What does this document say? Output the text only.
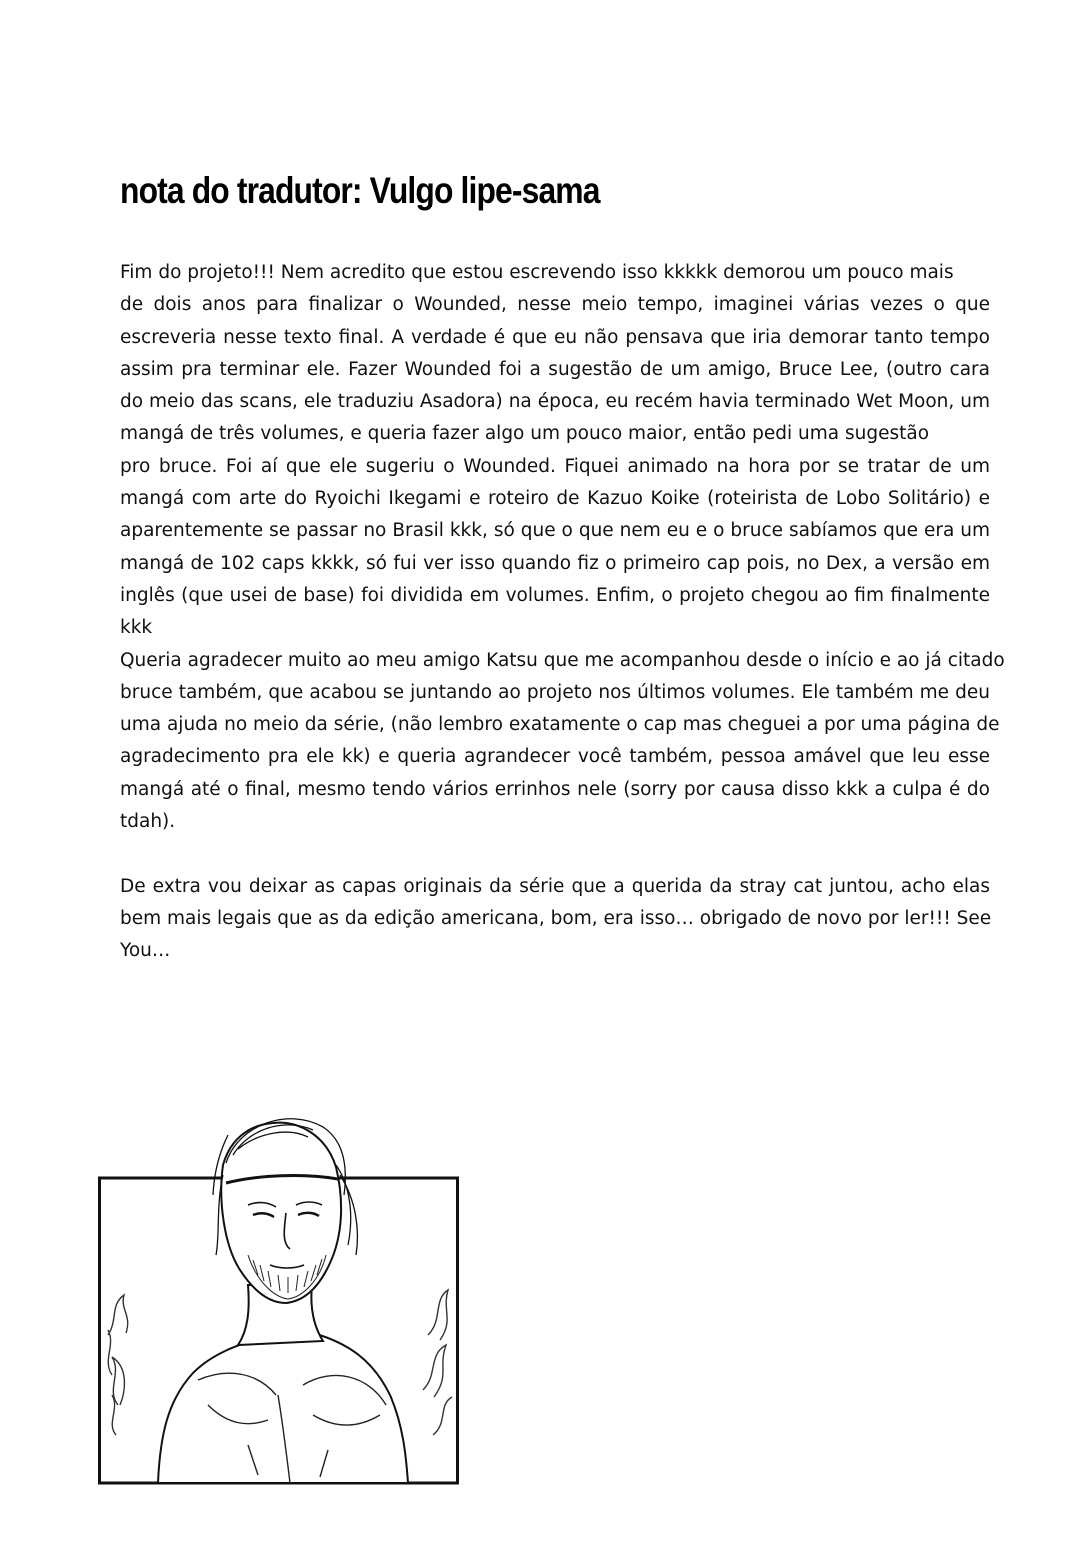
nota do tradutor: Vulgo lipe-sama
Fim do projeto!!! Nem acredito que estou escrevendo isso kkkkk demorou um pouco mais
de dois anos para finalizar o Wounded, nesse meio tempo, imaginei várias vezes o que
escreveria nesse texto final. A verdade é que eu não pensava que iria demorar tanto tempo
assim pra terminar ele. Fazer Wounded foi a sugestão de um amigo, Bruce Lee, (outro cara
do meio das scans, ele traduziu Asadora) na época, eu recém havia terminado Wet Moon, um
mangá de três volumes, e queria fazer algo um pouco maior, então pedi uma sugestão
pro bruce. Foi aí que ele sugeriu o Wounded. Fiquei animado na hora por se tratar de um
mangá com arte do Ryoichi Ikegami e roteiro de Kazuo Koike (roteirista de Lobo Solitário) e
aparentemente se passar no Brasil kkk, só que o que nem eu e o bruce sabíamos que era um
mangá de 102 caps kkkk, só fui ver isso quando fiz o primeiro cap pois, no Dex, a versão em
inglês (que usei de base) foi dividida em volumes. Enfim, o projeto chegou ao fim finalmente
kkk
Queria agradecer muito ao meu amigo Katsu que me acompanhou desde o início e ao já citado
bruce também, que acabou se juntando ao projeto nos últimos volumes. Ele também me deu
uma ajuda no meio da série, (não lembro exatamente o cap mas cheguei a por uma página de
agradecimento pra ele kk) e queria agrandecer você também, pessoa amável que leu esse
mangá até o final, mesmo tendo vários errinhos nele (sorry por causa disso kkk a culpa é do
tdah).
De extra vou deixar as capas originais da série que a querida da stray cat juntou, acho elas
bem mais legais que as da edição americana, bom, era isso… obrigado de novo por ler!!! See
You…
